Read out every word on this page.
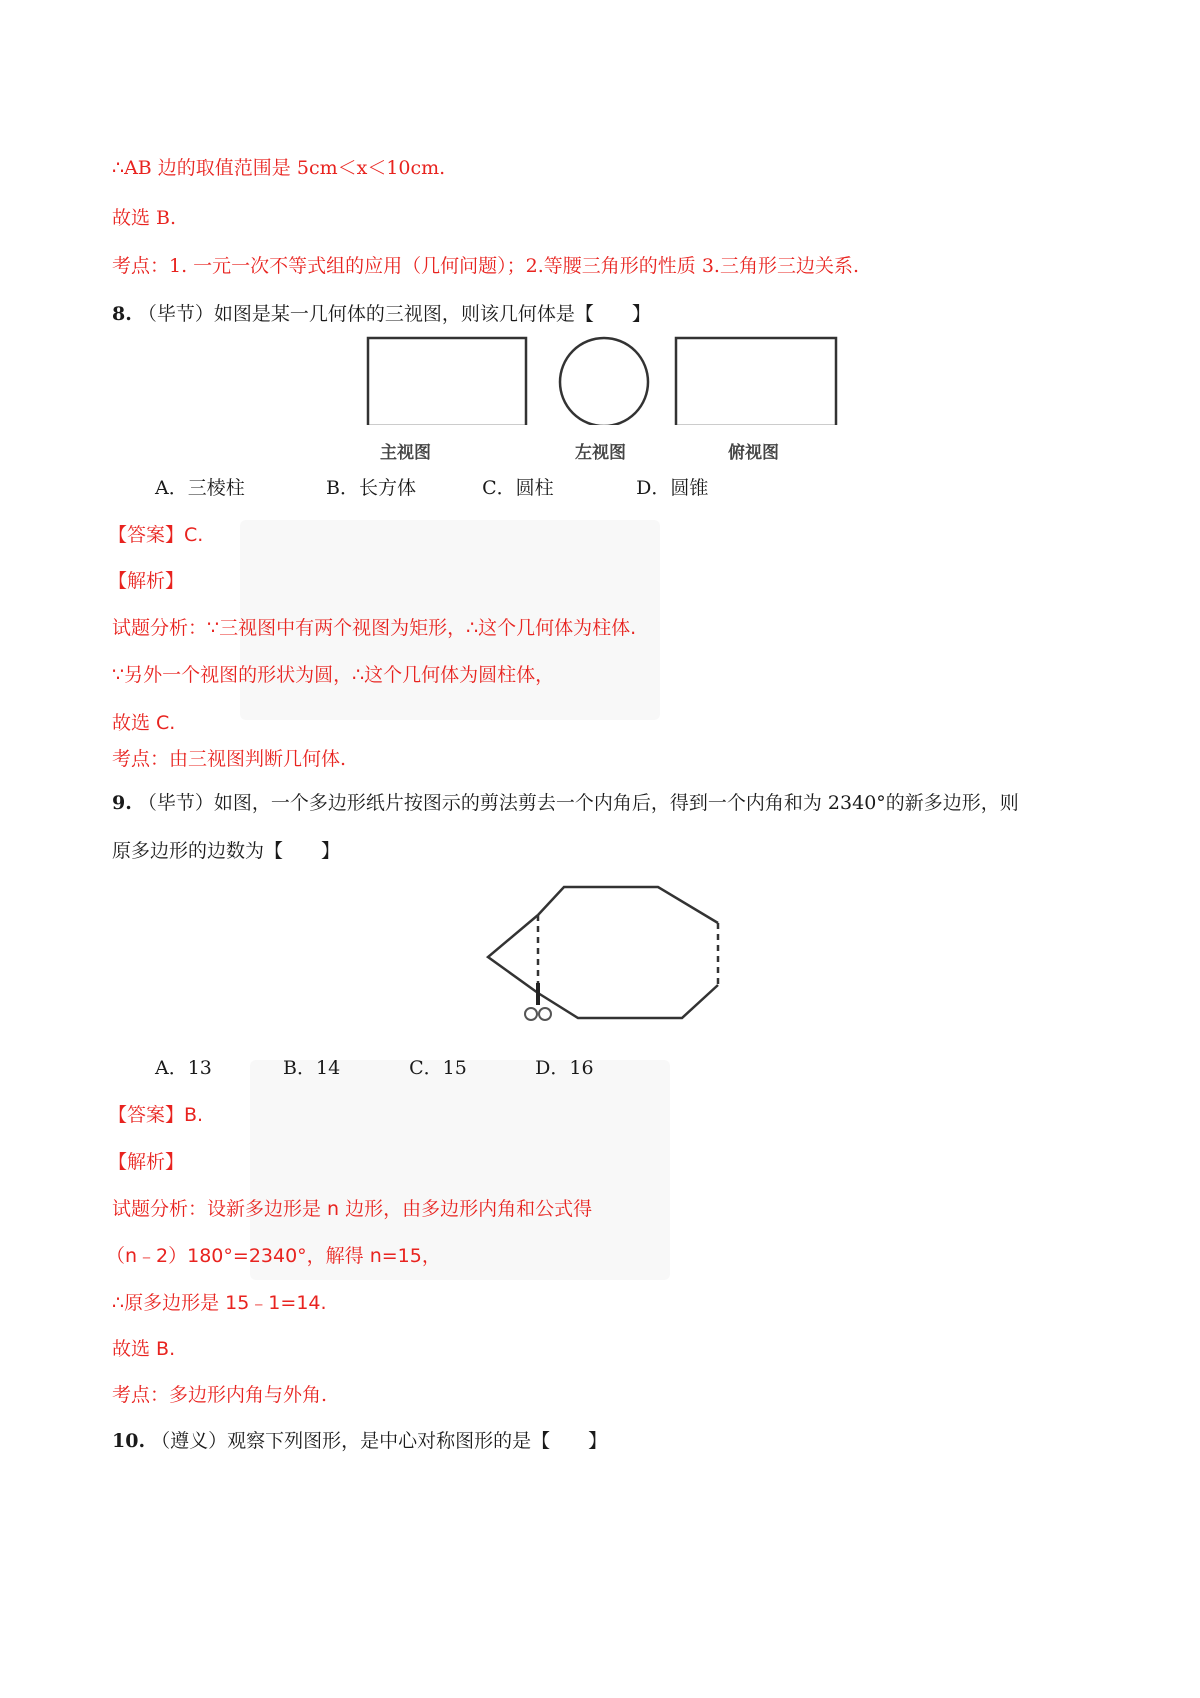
∴AB 边的取值范围是 5cm＜x＜10cm.
故选 B.
考点：1. 一元一次不等式组的应用（几何问题）；2.等腰三角形的性质 3.三角形三边关系.
8. （毕节）如图是某一几何体的三视图，则该几何体是【　　】
主视图	左视图	俯视图
A．三棱柱	B．长方体	C．圆柱	D．圆锥
【答案】C.
【解析】
试题分析：∵三视图中有两个视图为矩形，∴这个几何体为柱体.
∵另外一个视图的形状为圆，∴这个几何体为圆柱体，
故选 C.
考点：由三视图判断几何体.
9. （毕节）如图，一个多边形纸片按图示的剪法剪去一个内角后，得到一个内角和为 2340°的新多边形，则
原多边形的边数为【　　】
A．13	B．14	C．15	D．16
【答案】B.
【解析】
试题分析：设新多边形是 n 边形，由多边形内角和公式得
（n﹣2）180°=2340°，解得 n=15，
∴原多边形是 15﹣1=14.
故选 B.
考点：多边形内角与外角.
10. （遵义）观察下列图形，是中心对称图形的是【　　】
